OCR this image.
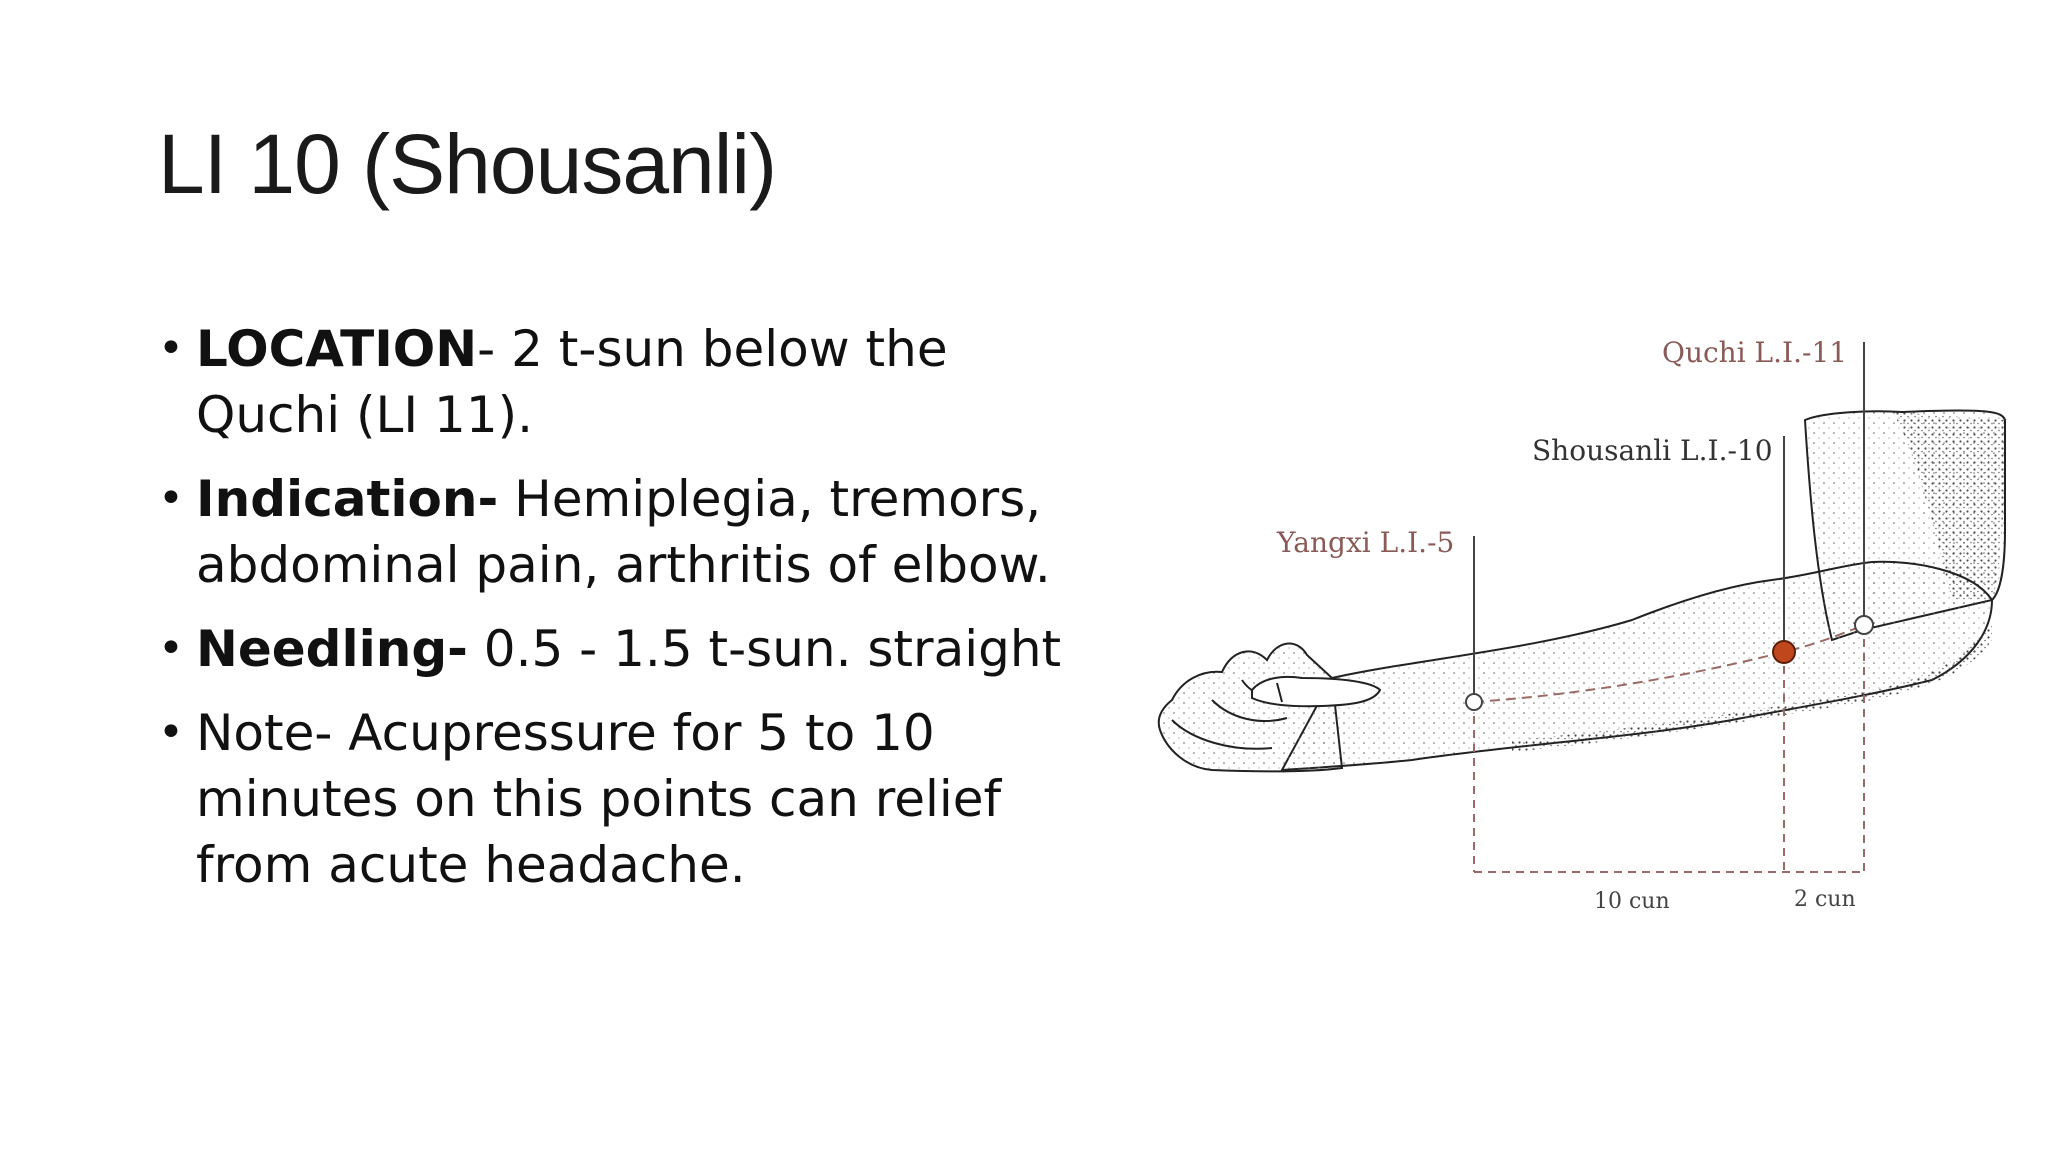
LI 10 (Shousanli)
• LOCATION- 2 t-sun below the Quchi (LI 11).
• Indication- Hemiplegia, tremors, abdominal pain, arthritis of elbow.
• Needling- 0.5 - 1.5 t-sun. straight
• Note- Acupressure for 5 to 10 minutes on this points can relief from acute headache.
Quchi L.I.-11
Shousanli L.I.-10
Yangxi L.I.-5
10 cun	2 cun
